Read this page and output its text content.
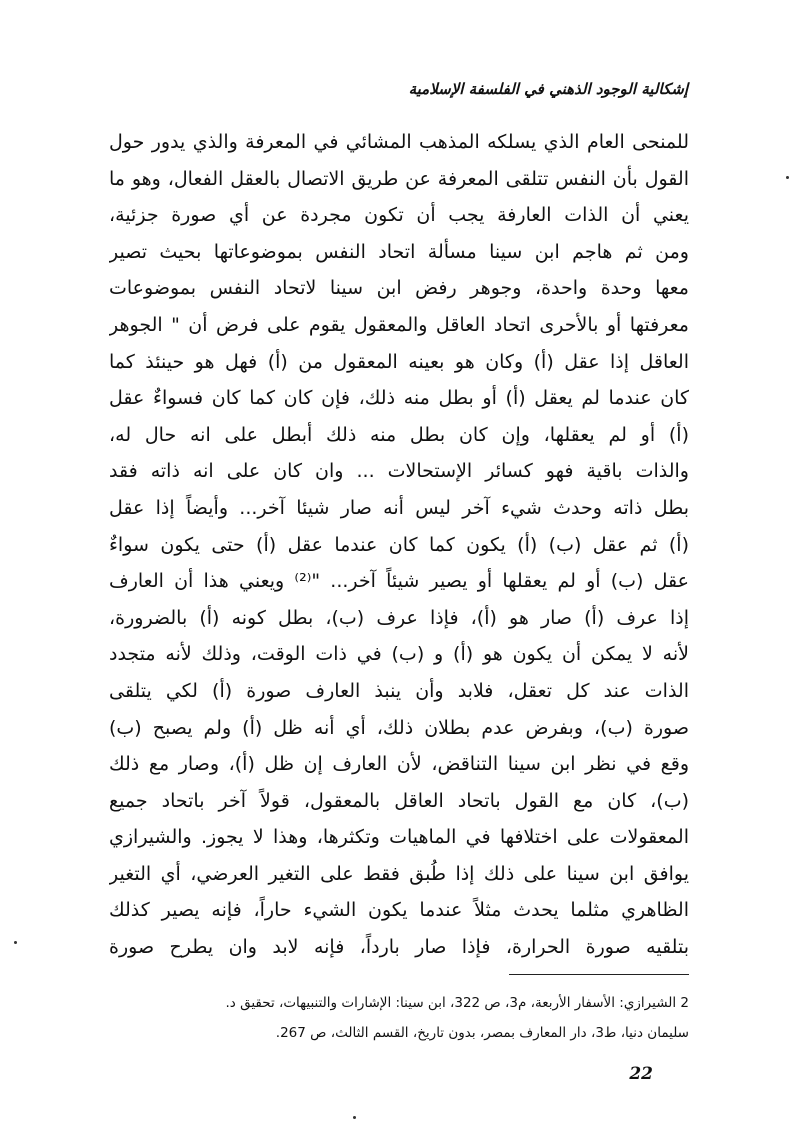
إشكالية الوجود الذهني في الفلسفة الإسلامية
للمنحى العام الذي يسلكه المذهب المشائي في المعرفة والذي يدور حول
القول بأن النفس تتلقى المعرفة عن طريق الاتصال بالعقل الفعال، وهو ما
يعني أن الذات العارفة يجب أن تكون مجردة عن أي صورة جزئية،
ومن ثم هاجم ابن سينا مسألة اتحاد النفس بموضوعاتها بحيث تصير
معها وحدة واحدة، وجوهر رفض ابن سينا لاتحاد النفس بموضوعات
معرفتها أو بالأحرى اتحاد العاقل والمعقول يقوم على فرض أن " الجوهر
العاقل إذا عقل (أ) وكان هو بعينه المعقول من (أ) فهل هو حينئذ كما
كان عندما لم يعقل (أ) أو بطل منه ذلك، فإن كان كما كان فسواءٌ عقل
(أ) أو لم يعقلها، وإن كان بطل منه ذلك أبطل على انه حال له،
والذات باقية فهو كسائر الإستحالات ... وان كان على انه ذاته فقد
بطل ذاته وحدث شيء آخر ليس أنه صار شيئا آخر... وأيضاً إذا عقل
(أ) ثم عقل (ب) (أ) يكون كما كان عندما عقل (أ) حتى يكون سواءٌ
عقل (ب) أو لم يعقلها أو يصير شيئاً آخر... "⁽²⁾ ويعني هذا أن العارف
إذا عرف (أ) صار هو (أ)، فإذا عرف (ب)، بطل كونه (أ) بالضرورة،
لأنه لا يمكن أن يكون هو (أ) و (ب) في ذات الوقت، وذلك لأنه متجدد
الذات عند كل تعقل، فلابد وأن ينبذ العارف صورة (أ) لكي يتلقى
صورة (ب)، وبفرض عدم بطلان ذلك، أي أنه ظل (أ) ولم يصبح (ب)
وقع في نظر ابن سينا التناقض، لأن العارف إن ظل (أ)، وصار مع ذلك
(ب)، كان مع القول باتحاد العاقل بالمعقول، قولاً آخر باتحاد جميع
المعقولات على اختلافها في الماهيات وتكثرها، وهذا لا يجوز. والشيرازي
يوافق ابن سينا على ذلك إذا طُبق فقط على التغير العرضي، أي التغير
الظاهري مثلما يحدث مثلاً عندما يكون الشيء حاراً، فإنه يصير كذلك
بتلقيه صورة الحرارة، فإذا صار بارداً، فإنه لابد وان يطرح صورة
2 الشيرازي: الأسفار الأربعة، م3، ص 322، ابن سينا: الإشارات والتنبيهات، تحقيق د.
سليمان دنيا، ط3، دار المعارف بمصر، بدون تاريخ، القسم الثالث، ص 267.
22
